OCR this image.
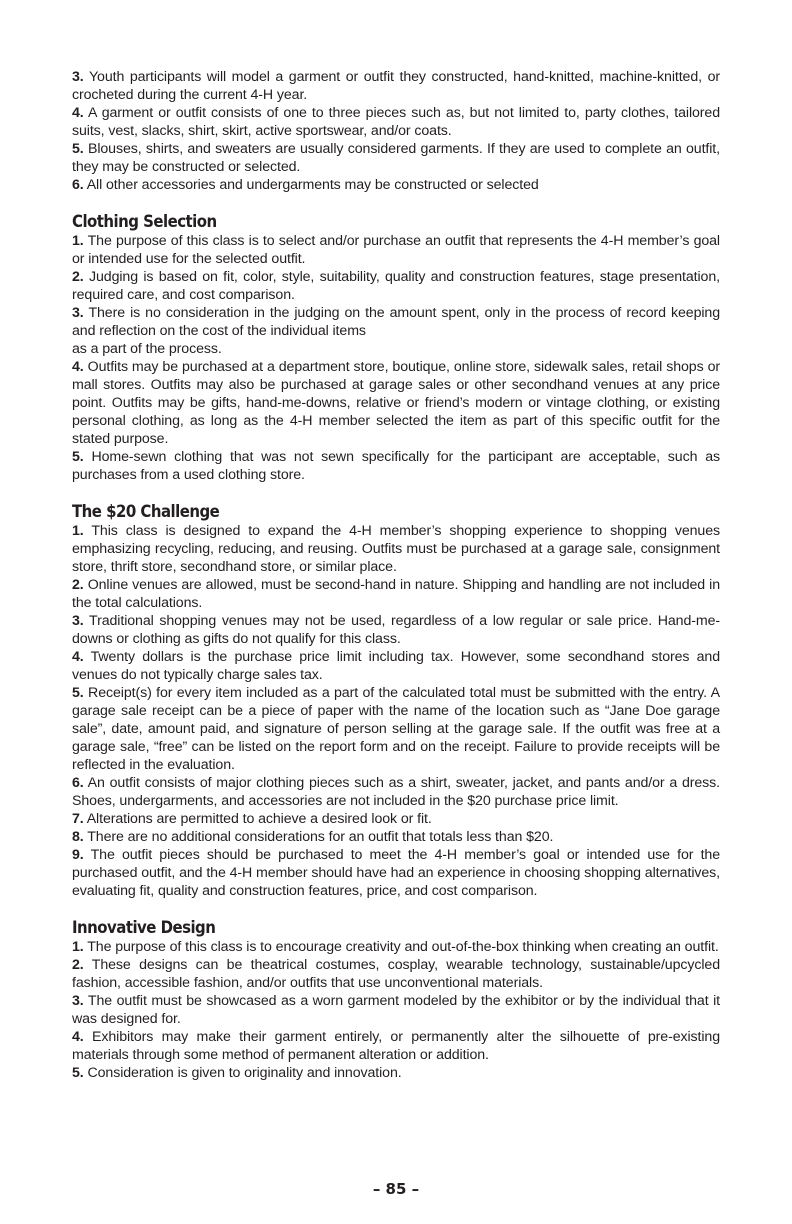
3. Youth participants will model a garment or outfit they constructed, hand-knitted, machine-knitted, or crocheted during the current 4-H year.

4. A garment or outfit consists of one to three pieces such as, but not limited to, party clothes, tailored suits, vest, slacks, shirt, skirt, active sportswear, and/or coats.

5. Blouses, shirts, and sweaters are usually considered garments. If they are used to complete an outfit, they may be constructed or selected.

6. All other accessories and undergarments may be constructed or selected

Clothing Selection

1. The purpose of this class is to select and/or purchase an outfit that represents the 4-H member’s goal or intended use for the selected outfit.

2. Judging is based on fit, color, style, suitability, quality and construction features, stage presentation, required care, and cost comparison.

3. There is no consideration in the judging on the amount spent, only in the process of record keeping and reflection on the cost of the individual items

as a part of the process.

4. Outfits may be purchased at a department store, boutique, online store, sidewalk sales, retail shops or mall stores. Outfits may also be purchased at garage sales or other secondhand venues at any price point. Outfits may be gifts, hand-me-downs, relative or friend’s modern or vintage clothing, or existing personal clothing, as long as the 4-H member selected the item as part of this specific outfit for the stated purpose.

5. Home-sewn clothing that was not sewn specifically for the participant are acceptable, such as purchases from a used clothing store.

The $20 Challenge

1. This class is designed to expand the 4-H member’s shopping experience to shopping venues emphasizing recycling, reducing, and reusing. Outfits must be purchased at a garage sale, consignment store, thrift store, secondhand store, or similar place.

2. Online venues are allowed, must be second-hand in nature. Shipping and handling are not included in the total calculations.

3. Traditional shopping venues may not be used, regardless of a low regular or sale price. Hand-me-downs or clothing as gifts do not qualify for this class.

4. Twenty dollars is the purchase price limit including tax. However, some secondhand stores and venues do not typically charge sales tax.

5. Receipt(s) for every item included as a part of the calculated total must be submitted with the entry. A garage sale receipt can be a piece of paper with the name of the location such as “Jane Doe garage sale”, date, amount paid, and signature of person selling at the garage sale. If the outfit was free at a garage sale, “free” can be listed on the report form and on the receipt. Failure to provide receipts will be reflected in the evaluation.

6. An outfit consists of major clothing pieces such as a shirt, sweater, jacket, and pants and/or a dress. Shoes, undergarments, and accessories are not included in the $20 purchase price limit.

7. Alterations are permitted to achieve a desired look or fit.

8. There are no additional considerations for an outfit that totals less than $20.

9. The outfit pieces should be purchased to meet the 4-H member’s goal or intended use for the purchased outfit, and the 4-H member should have had an experience in choosing shopping alternatives, evaluating fit, quality and construction features, price, and cost comparison.

Innovative Design

1. The purpose of this class is to encourage creativity and out-of-the-box thinking when creating an outfit.

2. These designs can be theatrical costumes, cosplay, wearable technology, sustainable/upcycled fashion, accessible fashion, and/or outfits that use unconventional materials.

3. The outfit must be showcased as a worn garment modeled by the exhibitor or by the individual that it was designed for.

4. Exhibitors may make their garment entirely, or permanently alter the silhouette of pre-existing materials through some method of permanent alteration or addition.

5. Consideration is given to originality and innovation.

– 85 –
